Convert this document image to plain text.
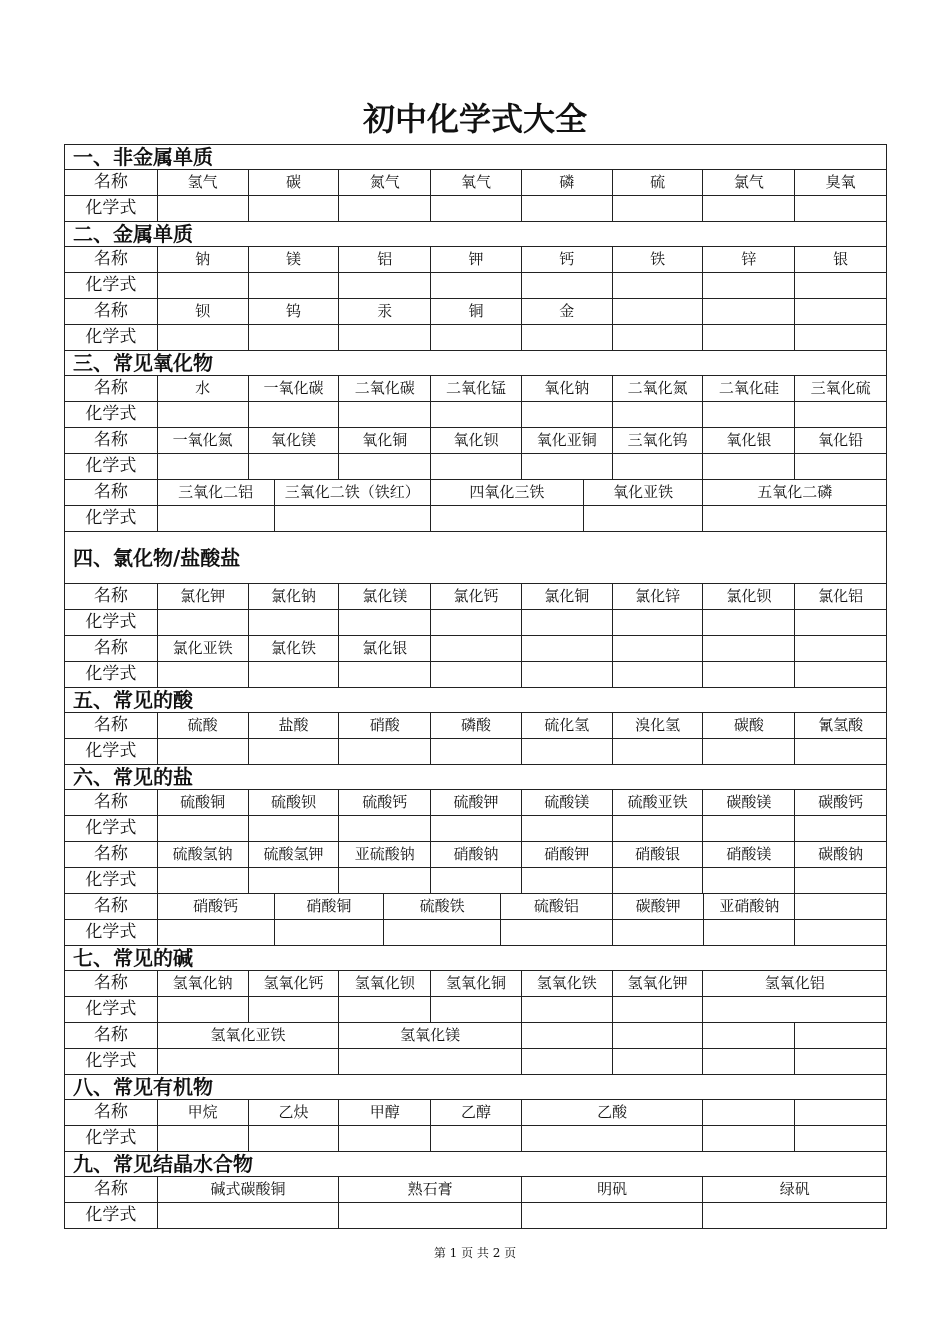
初中化学式大全
一、非金属单质
名称	氢气	碳	氮气	氧气	磷	硫	氯气	臭氧
化学式
二、金属单质
名称	钠	镁	铝	钾	钙	铁	锌	银
化学式
名称	钡	钨	汞	铜	金
化学式
三、常见氧化物
名称	水	一氧化碳	二氧化碳	二氧化锰	氧化钠	二氧化氮	二氧化硅	三氧化硫
化学式
名称	一氧化氮	氧化镁	氧化铜	氧化钡	氧化亚铜	三氧化钨	氧化银	氧化铅
化学式
名称	三氧化二铝	三氧化二铁（铁红）	四氧化三铁	氧化亚铁	五氧化二磷
化学式
四、氯化物/盐酸盐
名称	氯化钾	氯化钠	氯化镁	氯化钙	氯化铜	氯化锌	氯化钡	氯化铝
化学式
名称	氯化亚铁	氯化铁	氯化银
化学式
五、常见的酸
名称	硫酸	盐酸	硝酸	磷酸	硫化氢	溴化氢	碳酸	氰氢酸
化学式
六、常见的盐
名称	硫酸铜	硫酸钡	硫酸钙	硫酸钾	硫酸镁	硫酸亚铁	碳酸镁	碳酸钙
化学式
名称	硫酸氢钠	硫酸氢钾	亚硫酸钠	硝酸钠	硝酸钾	硝酸银	硝酸镁	碳酸钠
化学式
名称	硝酸钙	硝酸铜	硫酸铁	硫酸铝	碳酸钾	亚硝酸钠
化学式
七、常见的碱
名称	氢氧化钠	氢氧化钙	氢氧化钡	氢氧化铜	氢氧化铁	氢氧化钾	氢氧化铝
化学式
名称	氢氧化亚铁	氢氧化镁
化学式
八、常见有机物
名称	甲烷	乙炔	甲醇	乙醇	乙酸
化学式
九、常见结晶水合物
名称	碱式碳酸铜	熟石膏	明矾	绿矾
化学式
第 1 页 共 2 页
